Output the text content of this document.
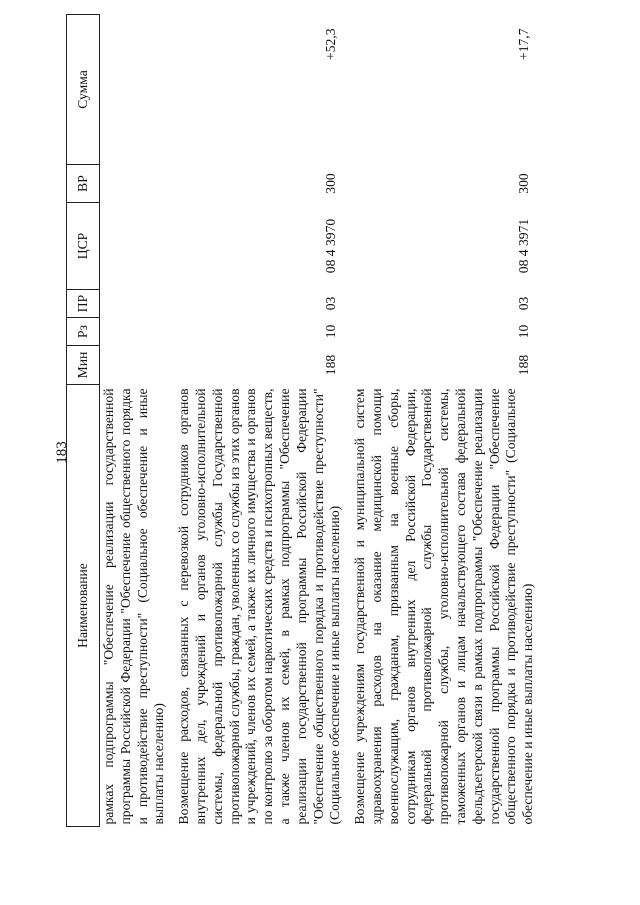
183
Наименование	Мин	Рз	ПР	ЦСР	ВР	Сумма
рамках подпрограммы "Обеспечение реализации государственной программы Российской Федерации "Обеспечение общественного порядка и противодействие преступности" (Социальное обеспечение и иные выплаты населению)						
Возмещение расходов, связанных с перевозкой сотрудников органов внутренних дел, учреждений и органов уголовно-исполнительной системы, федеральной противопожарной службы Государственной противопожарной службы, граждан, уволенных со службы из этих органов и учреждений, членов их семей, а также их личного имущества и органов по контролю за оборотом наркотических средств и психотропных веществ, а также членов их семей, в рамках подпрограммы "Обеспечение реализации государственной программы Российской Федерации "Обеспечение общественного порядка и противодействие преступности" (Социальное обеспечение и иные выплаты населению)	188	10	03	08 4 3970	300	+52,3
Возмещение учреждениям государственной и муниципальной систем здравоохранения расходов на оказание медицинской помощи военнослужащим, гражданам, призванным на военные сборы, сотрудникам органов внутренних дел Российской Федерации, федеральной противопожарной службы Государственной противопожарной службы, уголовно-исполнительной системы, таможенных органов и лицам начальствующего состава федеральной фельдъегерской связи в рамках подпрограммы "Обеспечение реализации государственной программы Российской Федерации "Обеспечение общественного порядка и противодействие преступности" (Социальное обеспечение и иные выплаты населению)	188	10	03	08 4 3971	300	+17,7
